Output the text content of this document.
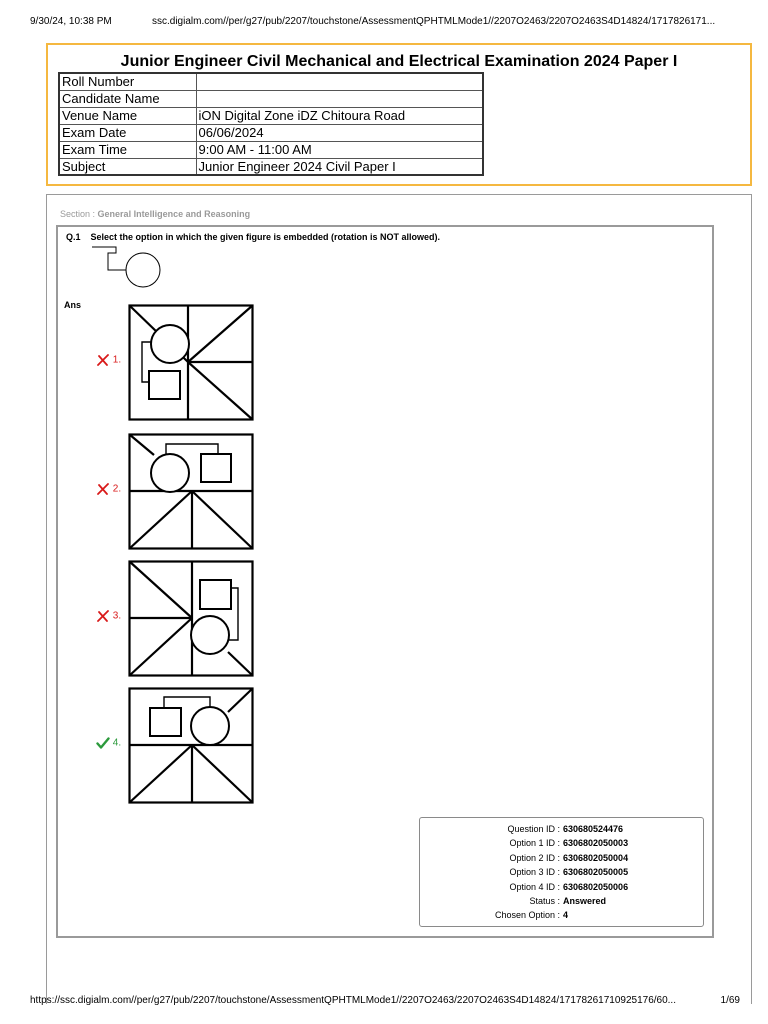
9/30/24, 10:38 PM	ssc.digialm.com//per/g27/pub/2207/touchstone/AssessmentQPHTMLMode1//2207O2463/2207O2463S4D14824/17178261​71...
Junior Engineer Civil Mechanical and Electrical Examination 2024 Paper I
Roll Number	
Candidate Name	
Venue Name	iON Digital Zone iDZ Chitoura Road
Exam Date	06/06/2024
Exam Time	9:00 AM - 11:00 AM
Subject	Junior Engineer 2024 Civil Paper I
Section : General Intelligence and Reasoning
Q.1 Select the option in which the given figure is embedded (rotation is NOT allowed).
Ans
1.
2.
3.
4.
Question ID : 630680524476
Option 1 ID : 6306802050003
Option 2 ID : 6306802050004
Option 3 ID : 6306802050005
Option 4 ID : 6306802050006
Status : Answered
Chosen Option : 4
https://ssc.digialm.com//per/g27/pub/2207/touchstone/AssessmentQPHTMLMode1//2207O2463/2207O2463S4D14824/17178261710925176/60...	1/69
